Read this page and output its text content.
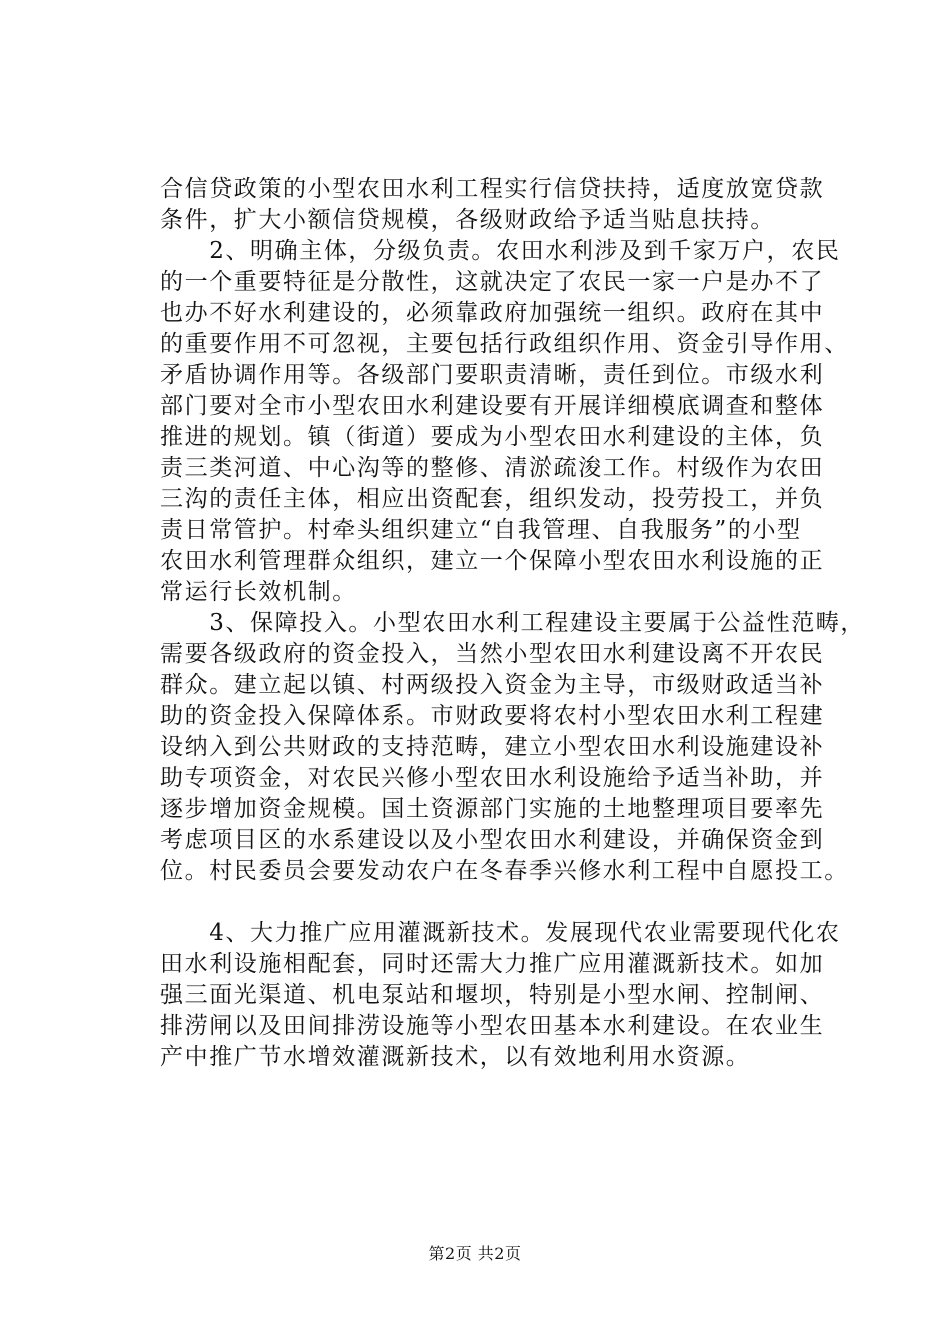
合信贷政策的小型农田水利工程实行信贷扶持，适度放宽贷款
条件，扩大小额信贷规模，各级财政给予适当贴息扶持。
　　2、明确主体，分级负责。农田水利涉及到千家万户，农民
的一个重要特征是分散性，这就决定了农民一家一户是办不了
也办不好水利建设的，必须靠政府加强统一组织。政府在其中
的重要作用不可忽视，主要包括行政组织作用、资金引导作用、
矛盾协调作用等。各级部门要职责清晰，责任到位。市级水利
部门要对全市小型农田水利建设要有开展详细模底调查和整体
推进的规划。镇（街道）要成为小型农田水利建设的主体，负
责三类河道、中心沟等的整修、清淤疏浚工作。村级作为农田
三沟的责任主体，相应出资配套，组织发动，投劳投工，并负
责日常管护。村牵头组织建立“自我管理、自我服务”的小型
农田水利管理群众组织，建立一个保障小型农田水利设施的正
常运行长效机制。
　　3、保障投入。小型农田水利工程建设主要属于公益性范畴，
需要各级政府的资金投入，当然小型农田水利建设离不开农民
群众。建立起以镇、村两级投入资金为主导，市级财政适当补
助的资金投入保障体系。市财政要将农村小型农田水利工程建
设纳入到公共财政的支持范畴，建立小型农田水利设施建设补
助专项资金，对农民兴修小型农田水利设施给予适当补助，并
逐步增加资金规模。国土资源部门实施的土地整理项目要率先
考虑项目区的水系建设以及小型农田水利建设，并确保资金到
位。村民委员会要发动农户在冬春季兴修水利工程中自愿投工。
　　4、大力推广应用灌溉新技术。发展现代农业需要现代化农
田水利设施相配套，同时还需大力推广应用灌溉新技术。如加
强三面光渠道、机电泵站和堰坝，特别是小型水闸、控制闸、
排涝闸以及田间排涝设施等小型农田基本水利建设。在农业生
产中推广节水增效灌溉新技术，以有效地利用水资源。
第2页 共2页
